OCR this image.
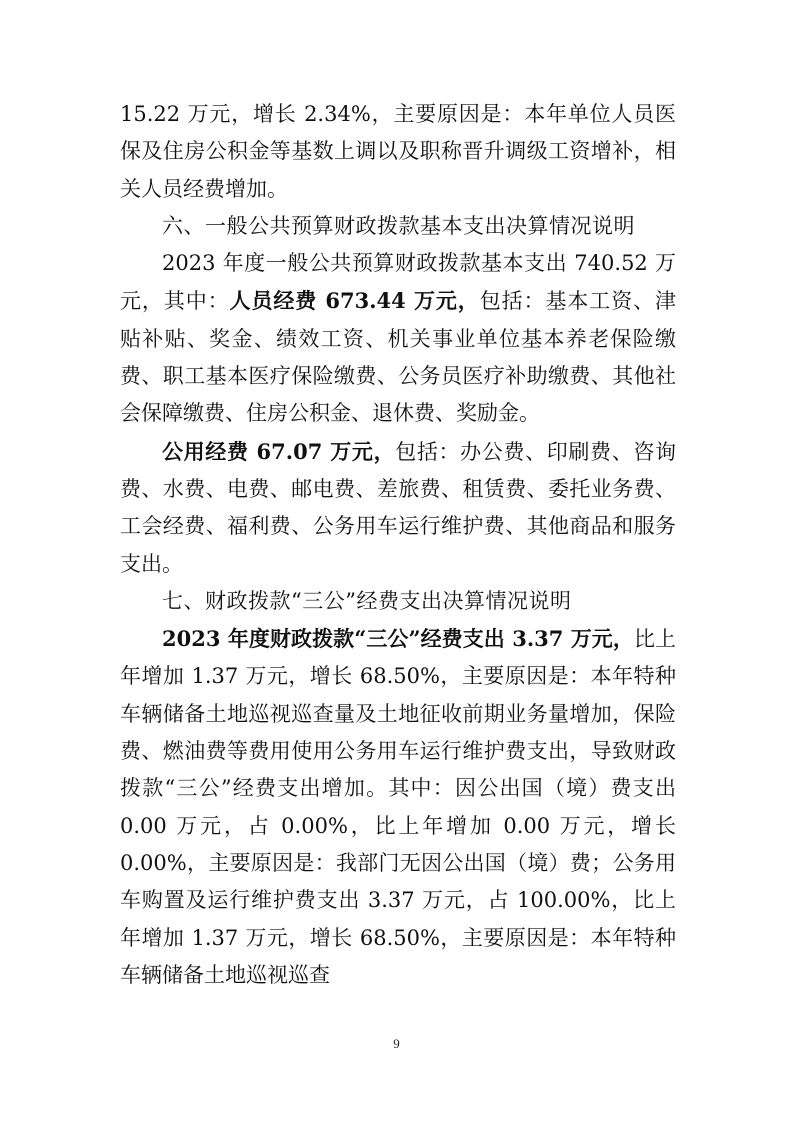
15.22 万元，增长 2.34%，主要原因是：本年单位人员医保及住房公积金等基数上调以及职称晋升调级工资增补，相关人员经费增加。

六、一般公共预算财政拨款基本支出决算情况说明

2023 年度一般公共预算财政拨款基本支出 740.52 万元，其中：人员经费 673.44 万元，包括：基本工资、津贴补贴、奖金、绩效工资、机关事业单位基本养老保险缴费、职工基本医疗保险缴费、公务员医疗补助缴费、其他社会保障缴费、住房公积金、退休费、奖励金。

公用经费 67.07 万元，包括：办公费、印刷费、咨询费、水费、电费、邮电费、差旅费、租赁费、委托业务费、工会经费、福利费、公务用车运行维护费、其他商品和服务支出。

七、财政拨款“三公”经费支出决算情况说明

2023 年度财政拨款“三公”经费支出 3.37 万元，比上年增加 1.37 万元，增长 68.50%，主要原因是：本年特种车辆储备土地巡视巡查量及土地征收前期业务量增加，保险费、燃油费等费用使用公务用车运行维护费支出，导致财政拨款“三公”经费支出增加。其中：因公出国（境）费支出 0.00 万元，占 0.00%，比上年增加 0.00 万元，增长 0.00%，主要原因是：我部门无因公出国（境）费；公务用车购置及运行维护费支出 3.37 万元，占 100.00%，比上年增加 1.37 万元，增长 68.50%，主要原因是：本年特种车辆储备土地巡视巡查

9
